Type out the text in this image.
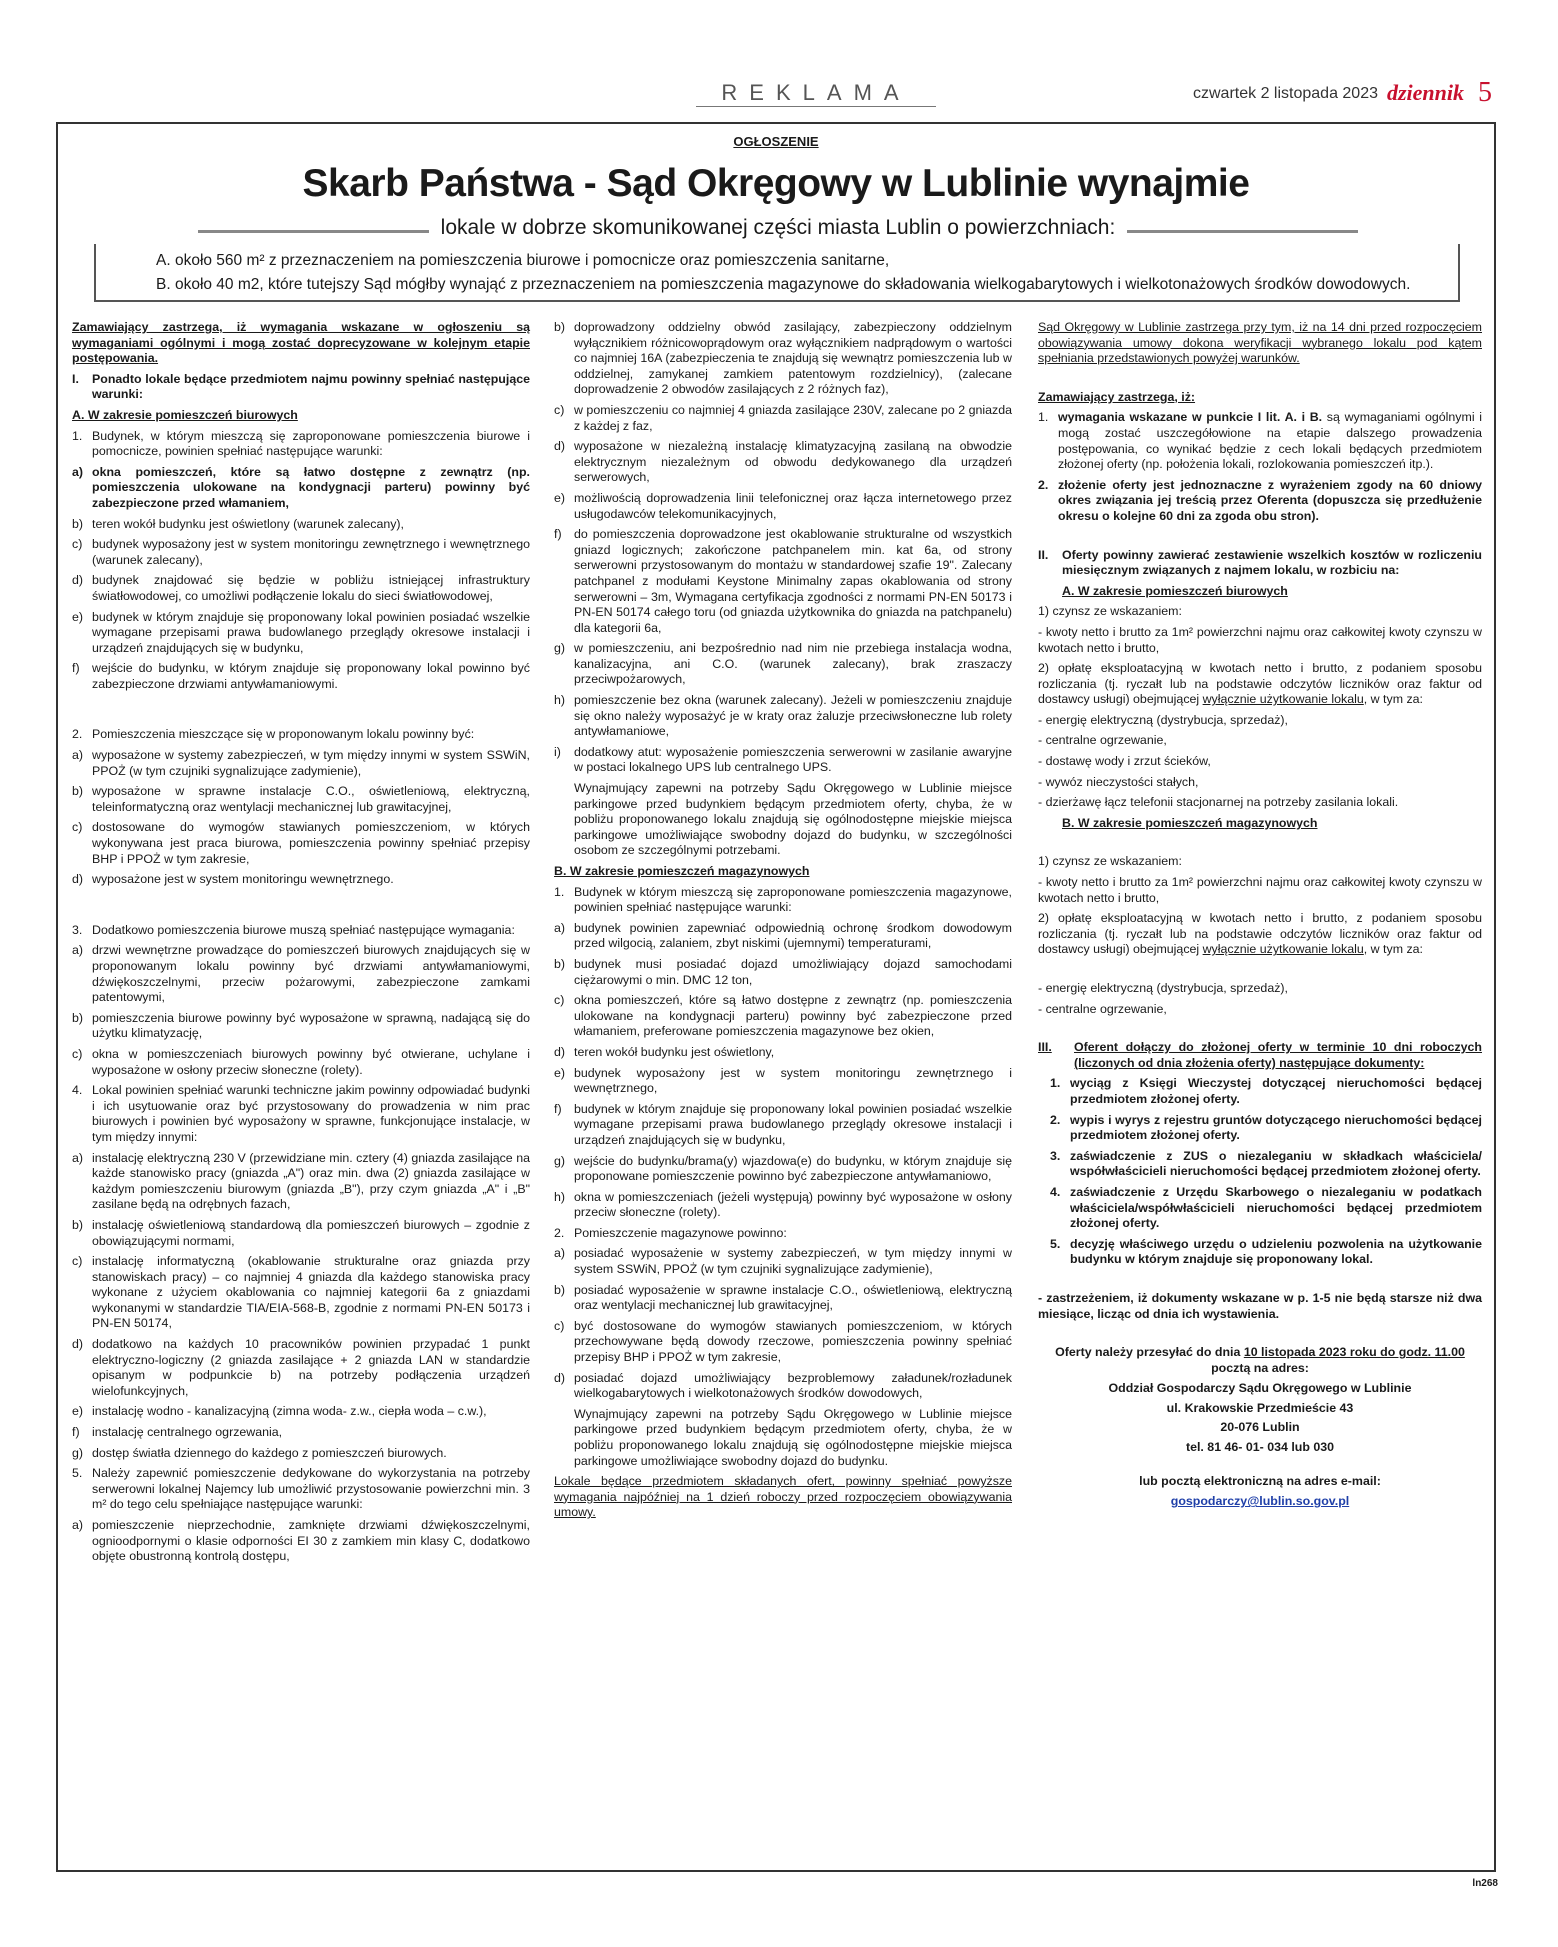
REKLAMA	czwartek 2 listopada 2023 dziennik 5
OGŁOSZENIE
Skarb Państwa - Sąd Okręgowy w Lublinie wynajmie
lokale w dobrze skomunikowanej części miasta Lublin o powierzchniach:
A. około 560 m² z przeznaczeniem na pomieszczenia biurowe i pomocnicze oraz pomieszczenia sanitarne,
B. około 40 m2, które tutejszy Sąd mógłby wynająć z przeznaczeniem na pomieszczenia magazynowe do składowania wielkogabarytowych i wielkotonażowych środków dowodowych.

Zamawiający zastrzega, iż wymagania wskazane w ogłoszeniu są wymaganiami ogólnymi i mogą zostać doprecyzowane w kolejnym etapie postępowania.

I.	Ponadto lokale będące przedmiotem najmu powinny spełniać następujące warunki:

A. W zakresie pomieszczeń biurowych

1. Budynek, w którym mieszczą się zaproponowane pomieszczenia biurowe i pomocnicze, powinien spełniać następujące warunki:
a) okna pomieszczeń, które są łatwo dostępne z zewnątrz (np. pomieszczenia ulokowane na kondygnacji parteru) powinny być zabezpieczone przed włamaniem,
b) teren wokół budynku jest oświetlony (warunek zalecany),
c) budynek wyposażony jest w system monitoringu zewnętrznego i wewnętrznego (warunek zalecany),
d) budynek znajdować się będzie w pobliżu istniejącej infrastruktury światłowodowej, co umożliwi podłączenie lokalu do sieci światłowodowej,
e) budynek w którym znajduje się proponowany lokal powinien posiadać wszelkie wymagane przepisami prawa budowlanego przeglądy okresowe instalacji i urządzeń znajdujących się w budynku,
f)	wejście do budynku, w którym znajduje się proponowany lokal powinno być zabezpieczone drzwiami antywłamaniowymi.
2. Pomieszczenia mieszczące się w proponowanym lokalu powinny być:
a) wyposażone w systemy zabezpieczeń, w tym między innymi w system SSWiN, PPOŻ (w tym czujniki sygnalizujące zadymienie),
b) wyposażone w sprawne instalacje C.O., oświetleniową, elektryczną, teleinformatyczną oraz wentylacji mechanicznej lub grawitacyjnej,
c) dostosowane do wymogów stawianych pomieszczeniom, w których wykonywana jest praca biurowa, pomieszczenia powinny spełniać przepisy BHP i PPOŻ w tym zakresie,
d) wyposażone jest w system monitoringu wewnętrznego.
3. Dodatkowo pomieszczenia biurowe muszą spełniać następujące wymagania:
a) drzwi wewnętrzne prowadzące do pomieszczeń biurowych znajdujących się w proponowanym lokalu powinny być drzwiami antywłamaniowymi, dźwiękoszczelnymi, przeciw pożarowymi, zabezpieczone zamkami patentowymi,
b) pomieszczenia biurowe powinny być wyposażone w sprawną, nadającą się do użytku klimatyzację,
c) okna w pomieszczeniach biurowych powinny być otwierane, uchylane i wyposażone w osłony przeciw słoneczne (rolety).
4. Lokal powinien spełniać warunki techniczne jakim powinny odpowiadać budynki i ich usytuowanie oraz być przystosowany do prowadzenia w nim prac biurowych i powinien być wyposażony w sprawne, funkcjonujące instalacje, w tym między innymi:
a) instalację elektryczną 230 V (przewidziane min. cztery (4) gniazda zasilające na każde stanowisko pracy (gniazda „A") oraz min. dwa (2) gniazda zasilające w każdym pomieszczeniu biurowym (gniazda „B"), przy czym gniazda „A" i „B" zasilane będą na odrębnych fazach,
b) instalację oświetleniową standardową dla pomieszczeń biurowych – zgodnie z obowiązującymi normami,
c) instalację informatyczną (okablowanie strukturalne oraz gniazda przy stanowiskach pracy) – co najmniej 4 gniazda dla każdego stanowiska pracy wykonane z użyciem okablowania co najmniej kategorii 6a z gniazdami wykonanymi w standardzie TIA/EIA-568-B, zgodnie z normami PN-EN 50173 i PN-EN 50174,
d) dodatkowo na każdych 10 pracowników powinien przypadać 1 punkt elektryczno-logiczny (2 gniazda zasilające + 2 gniazda LAN w standardzie opisanym w podpunkcie b) na potrzeby podłączenia urządzeń wielofunkcyjnych,
e) instalację wodno - kanalizacyjną (zimna woda- z.w., ciepła woda – c.w.),
f)	instalację centralnego ogrzewania,
g) dostęp światła dziennego do każdego z pomieszczeń biurowych.
5. Należy zapewnić pomieszczenie dedykowane do wykorzystania na potrzeby serwerowni lokalnej Najemcy lub umożliwić przystosowanie powierzchni min. 3 m² do tego celu spełniające następujące warunki:
a) pomieszczenie nieprzechodnie, zamknięte drzwiami dźwiękoszczelnymi, ognioodpornymi o klasie odporności EI 30 z zamkiem min klasy C, dodatkowo objęte obustronną kontrolą dostępu,
b) doprowadzony oddzielny obwód zasilający, zabezpieczony oddzielnym wyłącznikiem różnicowoprądowym oraz wyłącznikiem nadprądowym o wartości co najmniej 16A (zabezpieczenia te znajdują się wewnątrz pomieszczenia lub w oddzielnej, zamykanej zamkiem patentowym rozdzielnicy), (zalecane doprowadzenie 2 obwodów zasilających z 2 różnych faz),
c) w pomieszczeniu co najmniej 4 gniazda zasilające 230V, zalecane po 2 gniazda z każdej z faz,
d) wyposażone w niezależną instalację klimatyzacyjną zasilaną na obwodzie elektrycznym niezależnym od obwodu dedykowanego dla urządzeń serwerowych,
e) możliwością doprowadzenia linii telefonicznej oraz łącza internetowego przez usługodawców telekomunikacyjnych,
f)	do pomieszczenia doprowadzone jest okablowanie strukturalne od wszystkich gniazd logicznych; zakończone patchpanelem min. kat 6a, od strony serwerowni przystosowanym do montażu w standardowej szafie 19". Zalecany patchpanel z modułami Keystone Minimalny zapas okablowania od strony serwerowni – 3m, Wymagana certyfikacja zgodności z normami PN-EN 50173 i PN-EN 50174 całego toru (od gniazda użytkownika do gniazda na patchpanelu) dla kategorii 6a,
g) w pomieszczeniu, ani bezpośrednio nad nim nie przebiega instalacja wodna, kanalizacyjna, ani C.O. (warunek zalecany), brak zraszaczy przeciwpożarowych,
h) pomieszczenie bez okna (warunek zalecany). Jeżeli w pomieszczeniu znajduje się okno należy wyposażyć je w kraty oraz żaluzje przeciwsłoneczne lub rolety antywłamaniowe,
i)	dodatkowy atut: wyposażenie pomieszczenia serwerowni w zasilanie awaryjne w postaci lokalnego UPS lub centralnego UPS.

Wynajmujący zapewni na potrzeby Sądu Okręgowego w Lublinie miejsce parkingowe przed budynkiem będącym przedmiotem oferty, chyba, że w pobliżu proponowanego lokalu znajdują się ogólnodostępne miejskie miejsca parkingowe umożliwiające swobodny dojazd do budynku, w szczególności osobom ze szczególnymi potrzebami.

B. W zakresie pomieszczeń magazynowych

1. Budynek w którym mieszczą się zaproponowane pomieszczenia magazynowe, powinien spełniać następujące warunki:
a) budynek powinien zapewniać odpowiednią ochronę środkom dowodowym przed wilgocią, zalaniem, zbyt niskimi (ujemnymi) temperaturami,
b) budynek musi posiadać dojazd umożliwiający dojazd samochodami ciężarowymi o min. DMC 12 ton,
c) okna pomieszczeń, które są łatwo dostępne z zewnątrz (np. pomieszczenia ulokowane na kondygnacji parteru) powinny być zabezpieczone przed włamaniem, preferowane pomieszczenia magazynowe bez okien,
d) teren wokół budynku jest oświetlony,
e) budynek wyposażony jest w system monitoringu zewnętrznego i wewnętrznego,
f)	budynek w którym znajduje się proponowany lokal powinien posiadać wszelkie wymagane przepisami prawa budowlanego przeglądy okresowe instalacji i urządzeń znajdujących się w budynku,
g) wejście do budynku/brama(y) wjazdowa(e) do budynku, w którym znajduje się proponowane pomieszczenie powinno być zabezpieczone antywłamaniowo,
h) okna w pomieszczeniach (jeżeli występują) powinny być wyposażone w osłony przeciw słoneczne (rolety).
2. Pomieszczenie magazynowe powinno:
a) posiadać wyposażenie w systemy zabezpieczeń, w tym między innymi w system SSWiN, PPOŻ (w tym czujniki sygnalizujące zadymienie),
b) posiadać wyposażenie w sprawne instalacje C.O., oświetleniową, elektryczną oraz wentylacji mechanicznej lub grawitacyjnej,
c) być dostosowane do wymogów stawianych pomieszczeniom, w których przechowywane będą dowody rzeczowe, pomieszczenia powinny spełniać przepisy BHP i PPOŻ w tym zakresie,
d) posiadać dojazd umożliwiający bezproblemowy załadunek/rozładunek wielkogabarytowych i wielkotonażowych środków dowodowych,

Wynajmujący zapewni na potrzeby Sądu Okręgowego w Lublinie miejsce parkingowe przed budynkiem będącym przedmiotem oferty, chyba, że w pobliżu proponowanego lokalu znajdują się ogólnodostępne miejskie miejsca parkingowe umożliwiające swobodny dojazd do budynku.

Lokale będące przedmiotem składanych ofert, powinny spełniać powyższe wymagania najpóźniej na 1 dzień roboczy przed rozpoczęciem obowiązywania umowy.

Sąd Okręgowy w Lublinie zastrzega przy tym, iż na 14 dni przed rozpoczęciem obowiązywania umowy dokona weryfikacji wybranego lokalu pod kątem spełniania przedstawionych powyżej warunków.

Zamawiający zastrzega, iż:

1. wymagania wskazane w punkcie I lit. A. i B. są wymaganiami ogólnymi i mogą zostać uszczegółowione na etapie dalszego prowadzenia postępowania, co wynikać będzie z cech lokali będących przedmiotem złożonej oferty (np. położenia lokali, rozlokowania pomieszczeń itp.).
2. złożenie oferty jest jednoznaczne z wyrażeniem zgody na 60 dniowy okres związania jej treścią przez Oferenta (dopuszcza się przedłużenie okresu o kolejne 60 dni za zgoda obu stron).
II.	Oferty powinny zawierać zestawienie wszelkich kosztów w rozliczeniu miesięcznym związanych z najmem lokalu, w rozbiciu na:

A. W zakresie pomieszczeń biurowych

1) czynsz ze wskazaniem:

- kwoty netto i brutto za 1m² powierzchni najmu oraz całkowitej kwoty czynszu w kwotach netto i brutto,

2) opłatę eksploatacyjną w kwotach netto i brutto, z podaniem sposobu rozliczania (tj. ryczałt lub na podstawie odczytów liczników oraz faktur od dostawcy usługi) obejmującej wyłącznie użytkowanie lokalu, w tym za:

- energię elektryczną (dystrybucja, sprzedaż),

- centralne ogrzewanie,

- dostawę wody i zrzut ścieków,

- wywóz nieczystości stałych,

- dzierżawę łącz telefonii stacjonarnej na potrzeby zasilania lokali.

B. W zakresie pomieszczeń magazynowych

1) czynsz ze wskazaniem:

- kwoty netto i brutto za 1m² powierzchni najmu oraz całkowitej kwoty czynszu w kwotach netto i brutto,

2) opłatę eksploatacyjną w kwotach netto i brutto, z podaniem sposobu rozliczania (tj. ryczałt lub na podstawie odczytów liczników oraz faktur od dostawcy usługi) obejmującej wyłącznie użytkowanie lokalu, w tym za:

- energię elektryczną (dystrybucja, sprzedaż),

- centralne ogrzewanie,

III.	Oferent dołączy do złożonej oferty w terminie 10 dni roboczych (liczonych od dnia złożenia oferty) następujące dokumenty:
1. wyciąg z Księgi Wieczystej dotyczącej nieruchomości będącej przedmiotem złożonej oferty.
2. wypis i wyrys z rejestru gruntów dotyczącego nieruchomości będącej przedmiotem złożonej oferty.
3. zaświadczenie z ZUS o niezaleganiu w składkach właściciela/ współwłaścicieli nieruchomości będącej przedmiotem złożonej oferty.
4. zaświadczenie z Urzędu Skarbowego o niezaleganiu w podatkach właściciela/współwłaścicieli nieruchomości będącej przedmiotem złożonej oferty.
5. decyzję właściwego urzędu o udzieleniu pozwolenia na użytkowanie budynku w którym znajduje się proponowany lokal.

- zastrzeżeniem, iż dokumenty wskazane w p. 1-5 nie będą starsze niż dwa miesiące, licząc od dnia ich wystawienia.

Oferty należy przesyłać do dnia 10 listopada 2023 roku do godz. 11.00 pocztą na adres:

Oddział Gospodarczy Sądu Okręgowego w Lublinie

ul. Krakowskie Przedmieście 43

20-076 Lublin

tel. 81 46- 01- 034 lub 030

lub pocztą elektroniczną na adres e-mail:

gospodarczy@lublin.so.gov.pl

ln268
